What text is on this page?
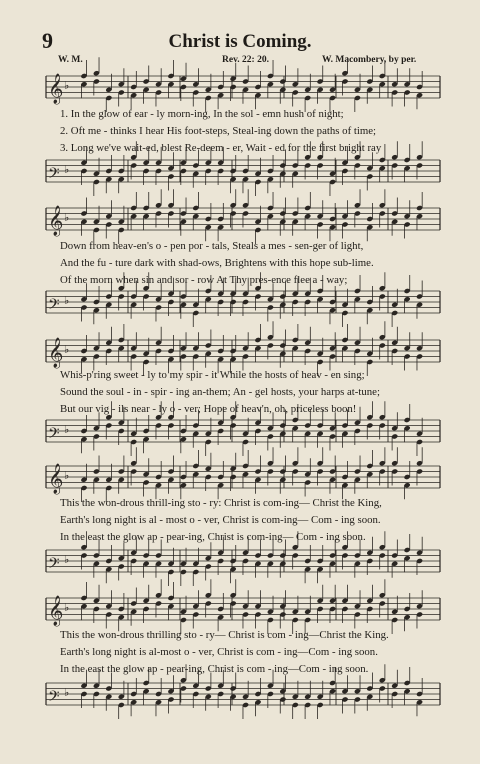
9	Christ is Coming.
W. M.	Rev. 22: 20.	W. Macombery, by per.
𝄞 ♭
1. In the glow of ear - ly morn-ing, In the sol - emn hush of night;
2. Oft me - thinks I hear His foot-steps, Steal-ing down the paths of time;
3. Long we've wait-ed, blest Re-deem - er, Wait - ed for the first bright ray
𝄢 ♭
𝄞 ♭
Down from heav-en's o - pen por - tals, Steals a mes - sen-ger of light,
And the fu - ture dark with shad-ows, Brightens with this hope sub-lime.
Of the morn when sin and sor - row At Thy pres-ence flee a - way;
𝄢 ♭
𝄞 ♭
Whis-p'ring sweet - ly to my spir - it While the hosts of heav - en sing;
Sound the soul - in - spir - ing an-them; An - gel hosts, your harps at-tune;
But our vig - ils near - ly o - ver; Hope of heav'n, oh, priceless boon!
𝄢 ♭
𝄞 ♭
This the won-drous thrill-ing sto - ry: Christ is com-ing— Christ the King,
Earth's long night is al - most o - ver, Christ is com-ing— Com - ing soon.
In the east the glow ap - pear-ing, Christ is com-ing— Com - ing soon.
𝄢 ♭
𝄞 ♭
This the won-drous thrilling sto - ry— Christ is com - ing—Christ the King.
Earth's long night is al-most o - ver, Christ is com - ing—Com - ing soon.
In the east the glow ap - pear-ing, Christ is com - ing—Com - ing soon.
𝄢 ♭
